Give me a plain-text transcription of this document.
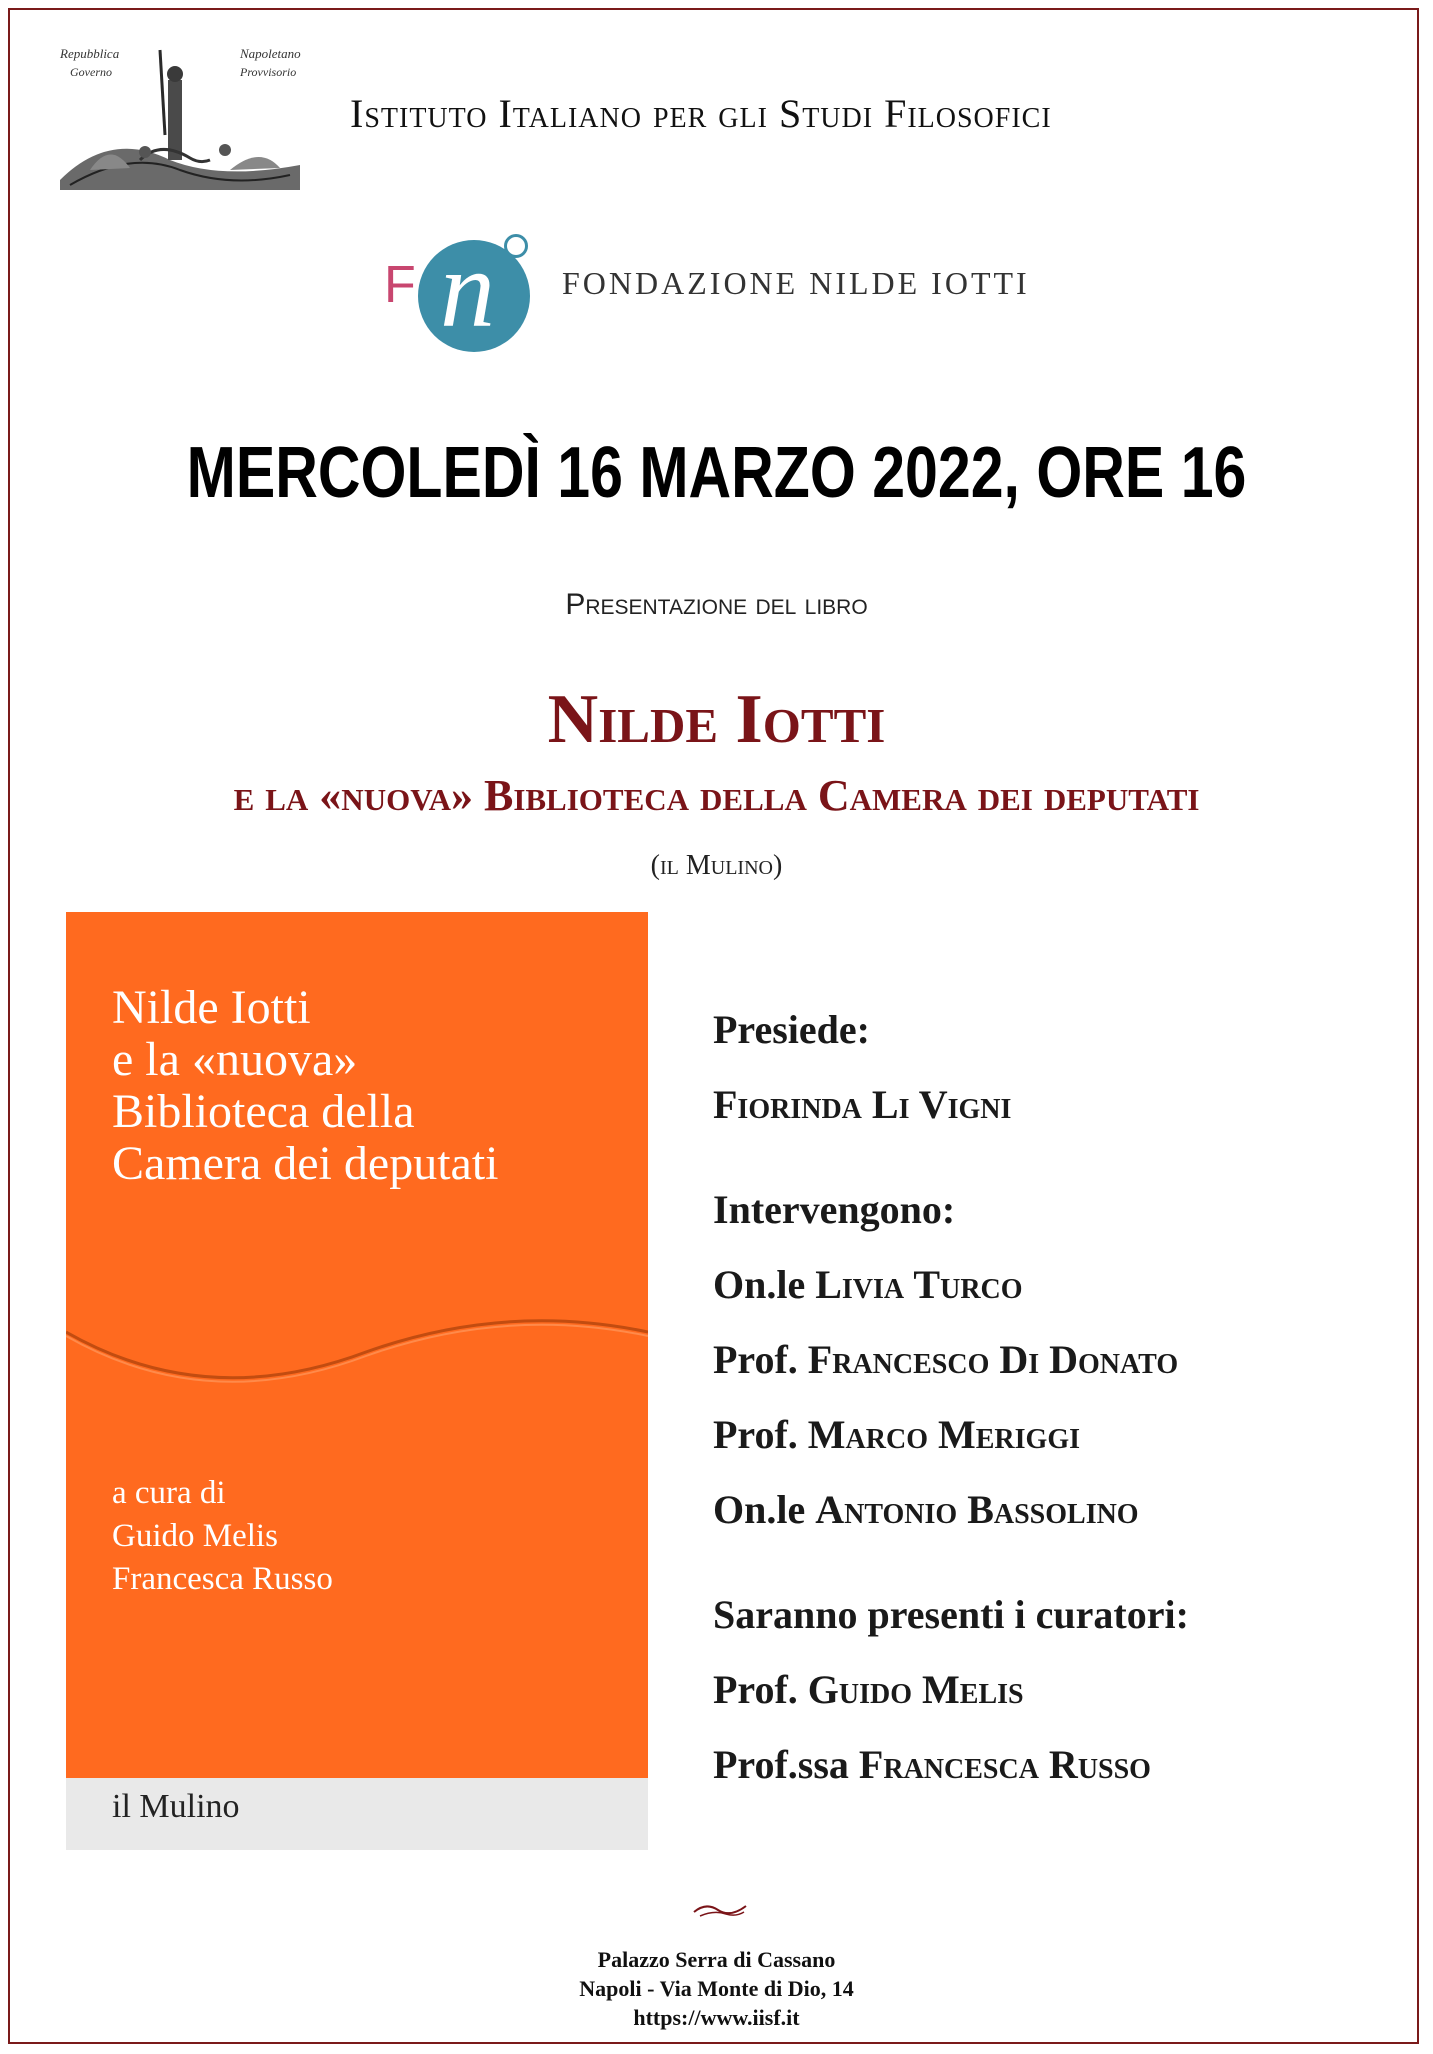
Repubblica
Governo
Napoletano
Provvisorio
Istituto Italiano per gli Studi Filosofici
F n FONDAZIONE NILDE IOTTI
MERCOLEDÌ 16 MARZO 2022, ORE 16
Presentazione del libro
Nilde Iotti
e la «nuova» Biblioteca della Camera dei deputati
(il Mulino)
Nilde Iotti
e la «nuova»
Biblioteca della
Camera dei deputati
a cura di
Guido Melis
Francesca Russo
il Mulino
Presiede:
Fiorinda Li Vigni
Intervengono:
On.le Livia Turco
Prof. Francesco Di Donato
Prof. Marco Meriggi
On.le Antonio Bassolino
Saranno presenti i curatori:
Prof. Guido Melis
Prof.ssa Francesca Russo
Palazzo Serra di Cassano
Napoli - Via Monte di Dio, 14
https://www.iisf.it
